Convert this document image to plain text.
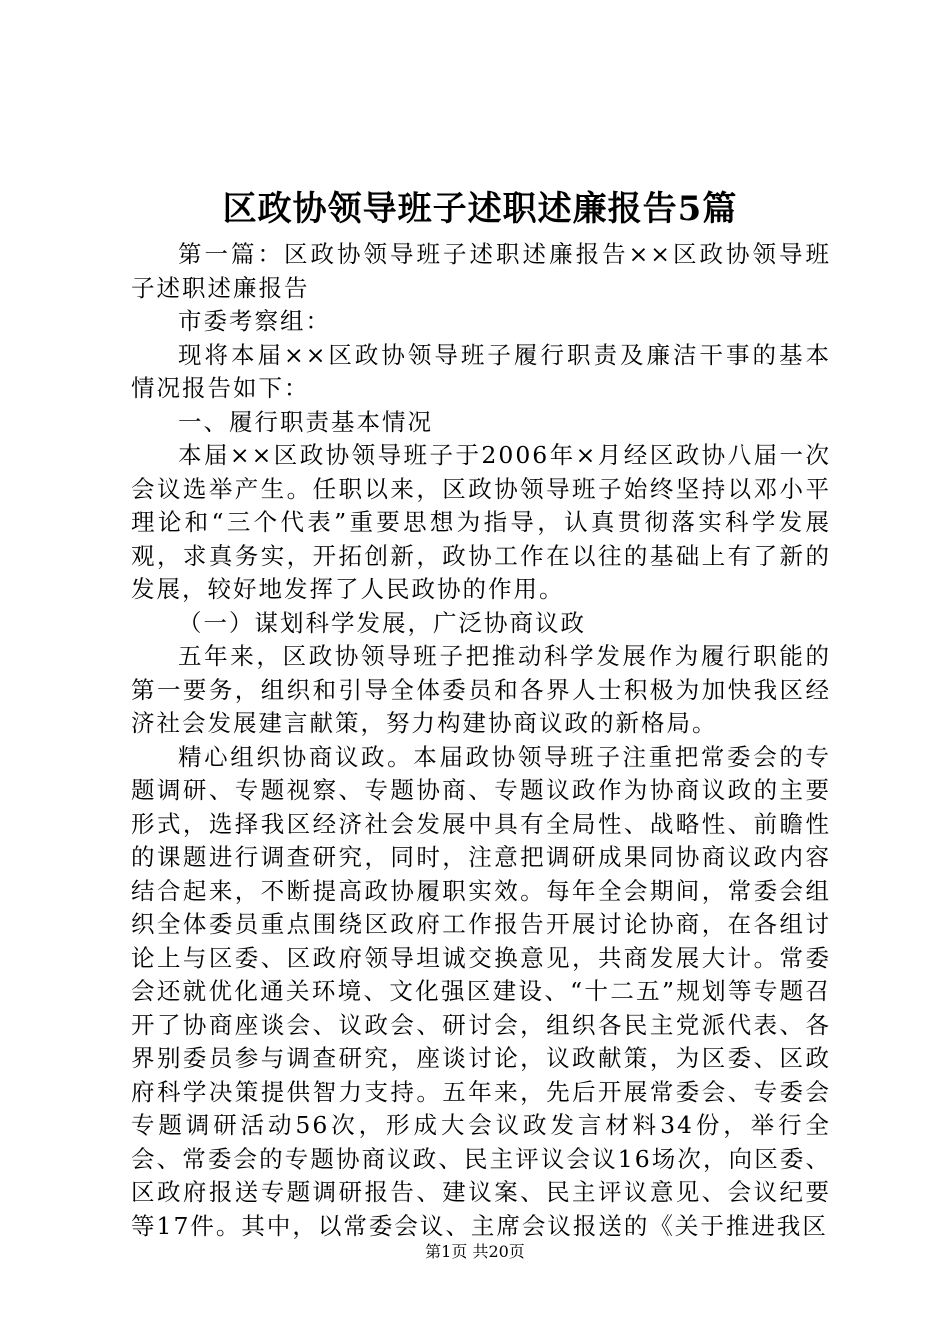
区政协领导班子述职述廉报告5篇

第一篇：区政协领导班子述职述廉报告××区政协领导班子述职述廉报告

市委考察组：

现将本届××区政协领导班子履行职责及廉洁干事的基本情况报告如下：

一、履行职责基本情况

本届××区政协领导班子于2006年×月经区政协八届一次会议选举产生。任职以来，区政协领导班子始终坚持以邓小平理论和“三个代表”重要思想为指导，认真贯彻落实科学发展观，求真务实，开拓创新，政协工作在以往的基础上有了新的发展，较好地发挥了人民政协的作用。

（一）谋划科学发展，广泛协商议政

五年来，区政协领导班子把推动科学发展作为履行职能的第一要务，组织和引导全体委员和各界人士积极为加快我区经济社会发展建言献策，努力构建协商议政的新格局。

精心组织协商议政。本届政协领导班子注重把常委会的专题调研、专题视察、专题协商、专题议政作为协商议政的主要形式，选择我区经济社会发展中具有全局性、战略性、前瞻性的课题进行调查研究，同时，注意把调研成果同协商议政内容结合起来，不断提高政协履职实效。每年全会期间，常委会组织全体委员重点围绕区政府工作报告开展讨论协商，在各组讨论上与区委、区政府领导坦诚交换意见，共商发展大计。常委会还就优化通关环境、文化强区建设、“十二五”规划等专题召开了协商座谈会、议政会、研讨会，组织各民主党派代表、各界别委员参与调查研究，座谈讨论，议政献策，为区委、区政府科学决策提供智力支持。五年来，先后开展常委会、专委会专题调研活动56次，形成大会议政发言材料34份，举行全会、常委会的专题协商议政、民主评议会议16场次，向区委、区政府报送专题调研报告、建议案、民主评议意见、会议纪要等17件。其中，以常委会议、主席会议报送的《关于推进我区

第1页 共20页
